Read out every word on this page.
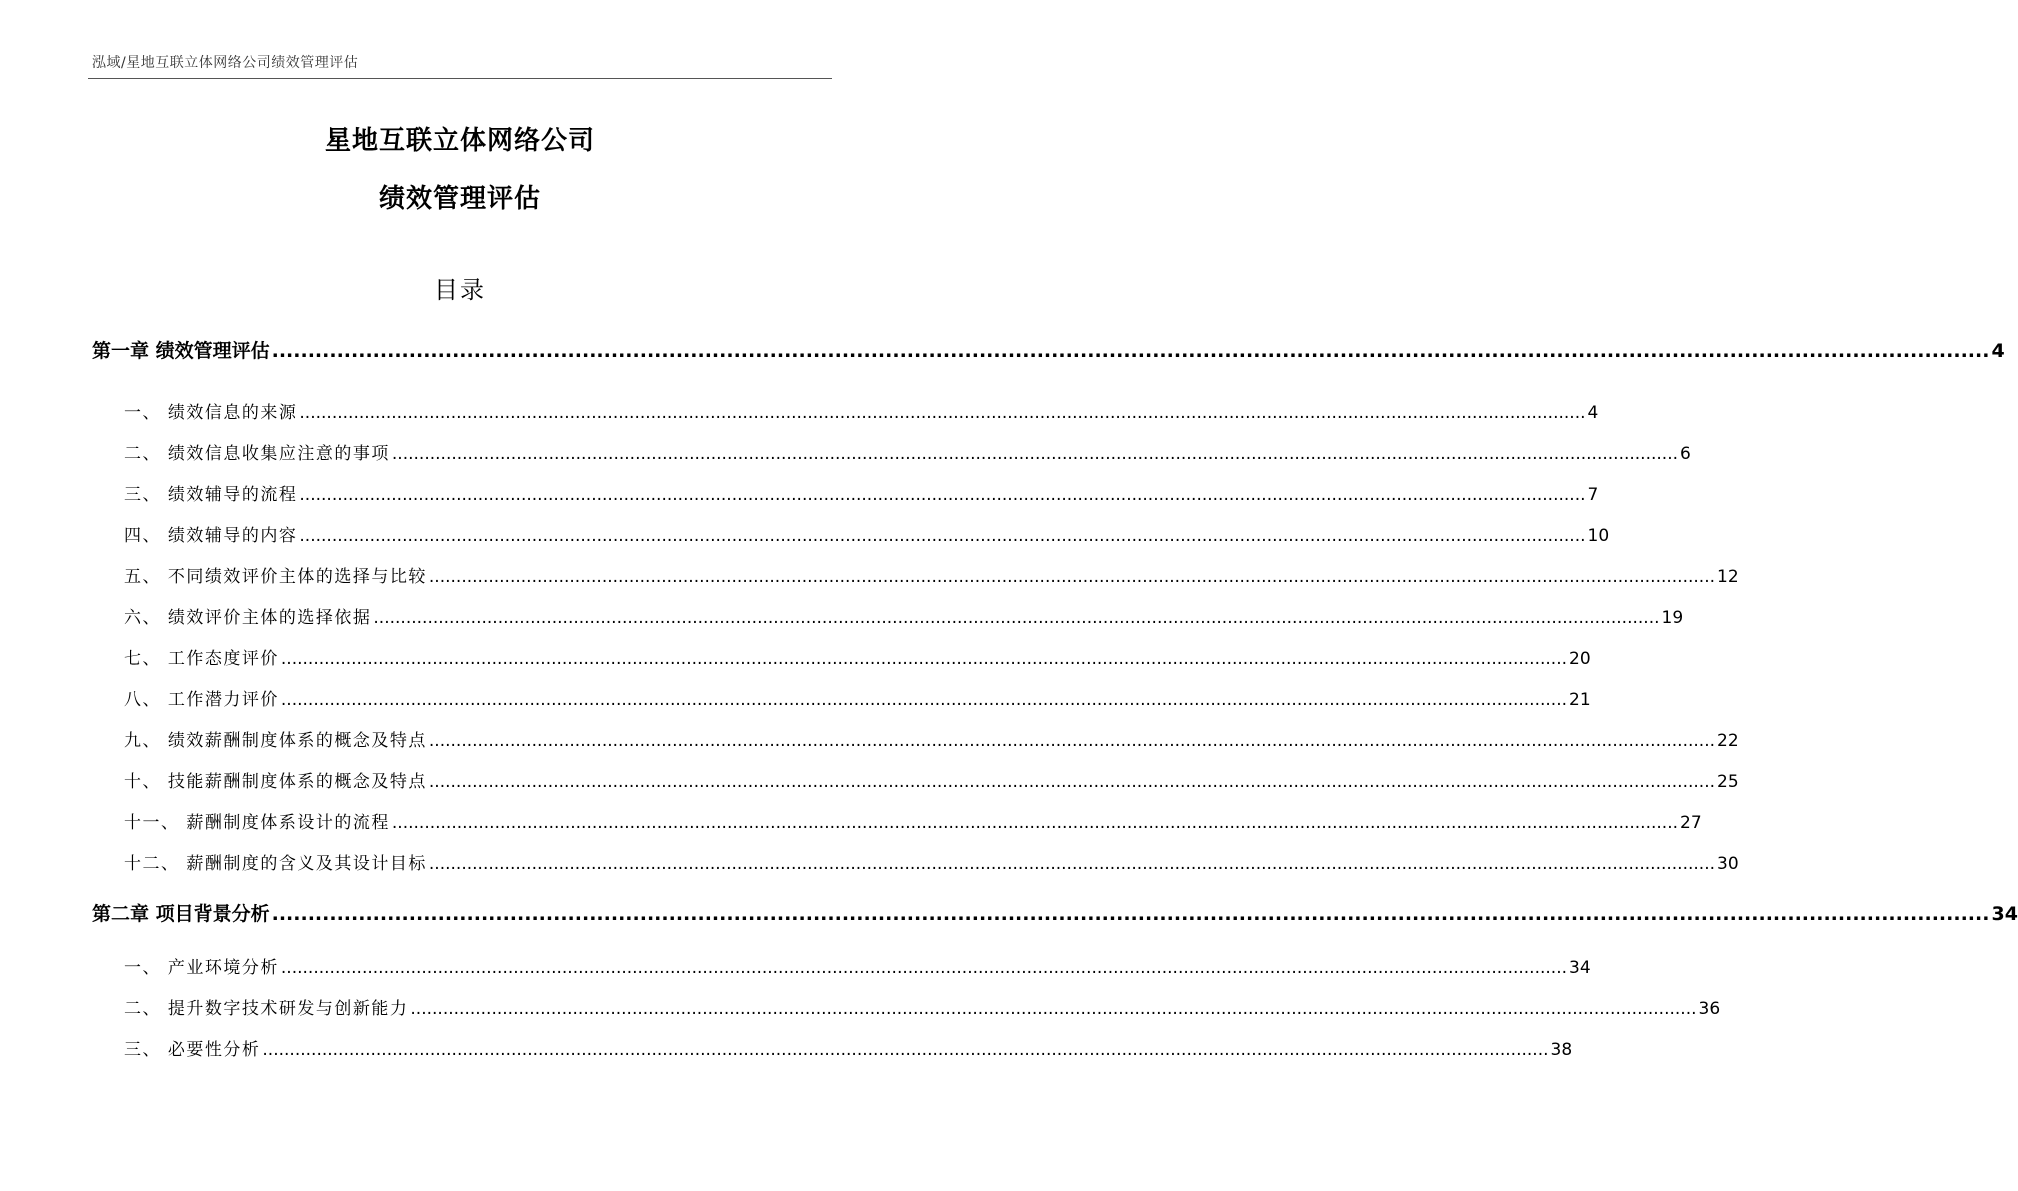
泓域/星地互联立体网络公司绩效管理评估
星地互联立体网络公司
绩效管理评估
目录
第一章 绩效管理评估 .............................................................................................................................................................................................................................................. 4
一、 绩效信息的来源 .............................................................................................................................................................................................................................................. 4
二、 绩效信息收集应注意的事项 .............................................................................................................................................................................................................................................. 6
三、 绩效辅导的流程 .............................................................................................................................................................................................................................................. 7
四、 绩效辅导的内容 .............................................................................................................................................................................................................................................. 10
五、 不同绩效评价主体的选择与比较 .............................................................................................................................................................................................................................................. 12
六、 绩效评价主体的选择依据 .............................................................................................................................................................................................................................................. 19
七、 工作态度评价 .............................................................................................................................................................................................................................................. 20
八、 工作潜力评价 .............................................................................................................................................................................................................................................. 21
九、 绩效薪酬制度体系的概念及特点 .............................................................................................................................................................................................................................................. 22
十、 技能薪酬制度体系的概念及特点 .............................................................................................................................................................................................................................................. 25
十一、 薪酬制度体系设计的流程 .............................................................................................................................................................................................................................................. 27
十二、 薪酬制度的含义及其设计目标 .............................................................................................................................................................................................................................................. 30
第二章 项目背景分析 .............................................................................................................................................................................................................................................. 34
一、 产业环境分析 .............................................................................................................................................................................................................................................. 34
二、 提升数字技术研发与创新能力 .............................................................................................................................................................................................................................................. 36
三、 必要性分析 .............................................................................................................................................................................................................................................. 38
